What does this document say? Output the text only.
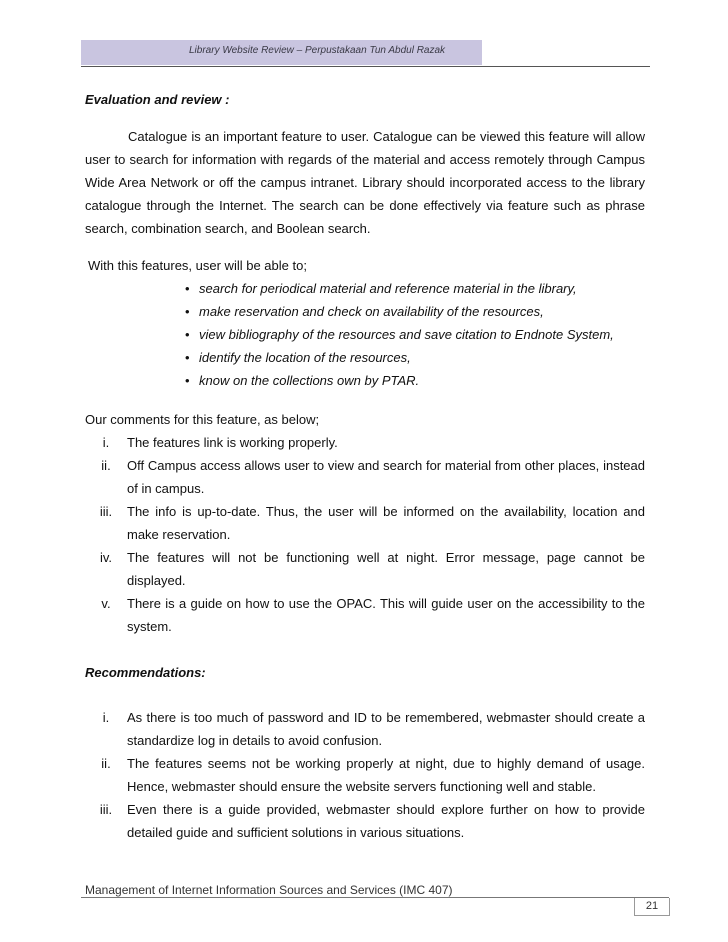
Library Website Review – Perpustakaan Tun Abdul Razak

Evaluation and review :

Catalogue is an important feature to user. Catalogue can be viewed this feature will allow user to search for information with regards of the material and access remotely through Campus Wide Area Network or off the campus intranet. Library should incorporated access to the library catalogue through the Internet. The search can be done effectively via feature such as phrase search, combination search, and Boolean search.

With this features, user will be able to;

• search for periodical material and reference material in the library,
• make reservation and check on availability of the resources,
• view bibliography of the resources and save citation to Endnote System,
• identify the location of the resources,
• know on the collections own by PTAR.

Our comments for this feature, as below;

i.	The features link is working properly.
ii.	Off Campus access allows user to view and search for material from other places, instead of in campus.
iii.	The info is up-to-date. Thus, the user will be informed on the availability, location and make reservation.
iv.	The features will not be functioning well at night. Error message, page cannot be displayed.
v.	There is a guide on how to use the OPAC. This will guide user on the accessibility to the system.

Recommendations:

i.	As there is too much of password and ID to be remembered, webmaster should create a standardize log in details to avoid confusion.
ii.	The features seems not be working properly at night, due to highly demand of usage. Hence, webmaster should ensure the website servers functioning well and stable.
iii.	Even there is a guide provided, webmaster should explore further on how to provide detailed guide and sufficient solutions in various situations.
Management of Internet Information Sources and Services (IMC 407)
21
